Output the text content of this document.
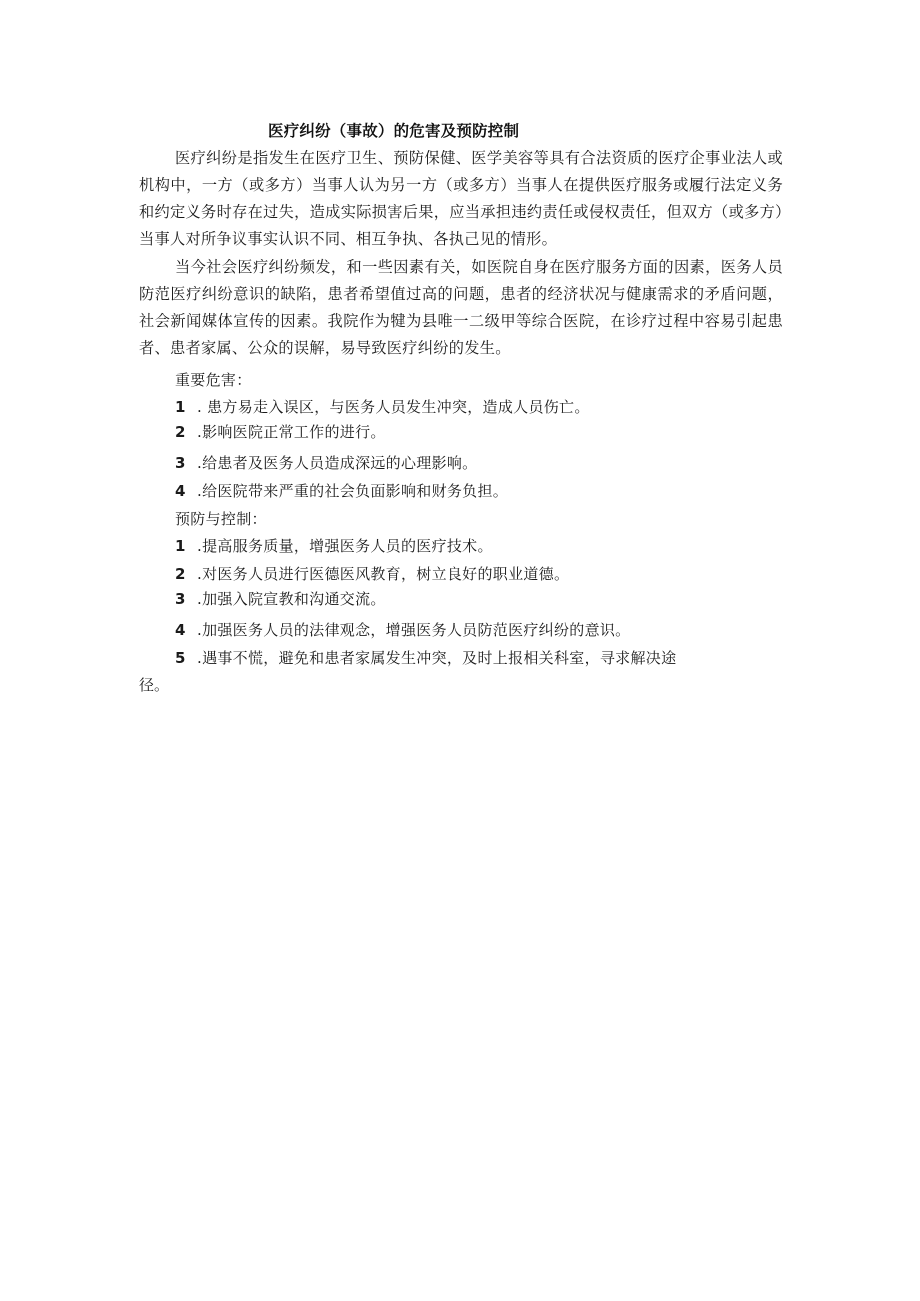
医疗纠纷（事故）的危害及预防控制
医疗纠纷是指发生在医疗卫生、预防保健、医学美容等具有合法资质的医疗企事业法人或机构中，一方（或多方）当事人认为另一方（或多方）当事人在提供医疗服务或履行法定义务和约定义务时存在过失，造成实际损害后果，应当承担违约责任或侵权责任，但双方（或多方）当事人对所争议事实认识不同、相互争执、各执己见的情形。
当今社会医疗纠纷频发，和一些因素有关，如医院自身在医疗服务方面的因素，医务人员防范医疗纠纷意识的缺陷，患者希望值过高的问题，患者的经济状况与健康需求的矛盾问题，社会新闻媒体宣传的因素。我院作为犍为县唯一二级甲等综合医院，在诊疗过程中容易引起患者、患者家属、公众的误解，易导致医疗纠纷的发生。
重要危害：
1 . 患方易走入误区，与医务人员发生冲突，造成人员伤亡。
2 .影响医院正常工作的进行。
3 .给患者及医务人员造成深远的心理影响。
4 .给医院带来严重的社会负面影响和财务负担。
预防与控制：
1 .提高服务质量，增强医务人员的医疗技术。
2 .对医务人员进行医德医风教育，树立良好的职业道德。
3 .加强入院宣教和沟通交流。
4 .加强医务人员的法律观念，增强医务人员防范医疗纠纷的意识。
5 .遇事不慌，避免和患者家属发生冲突，及时上报相关科室，寻求解决途
径。
